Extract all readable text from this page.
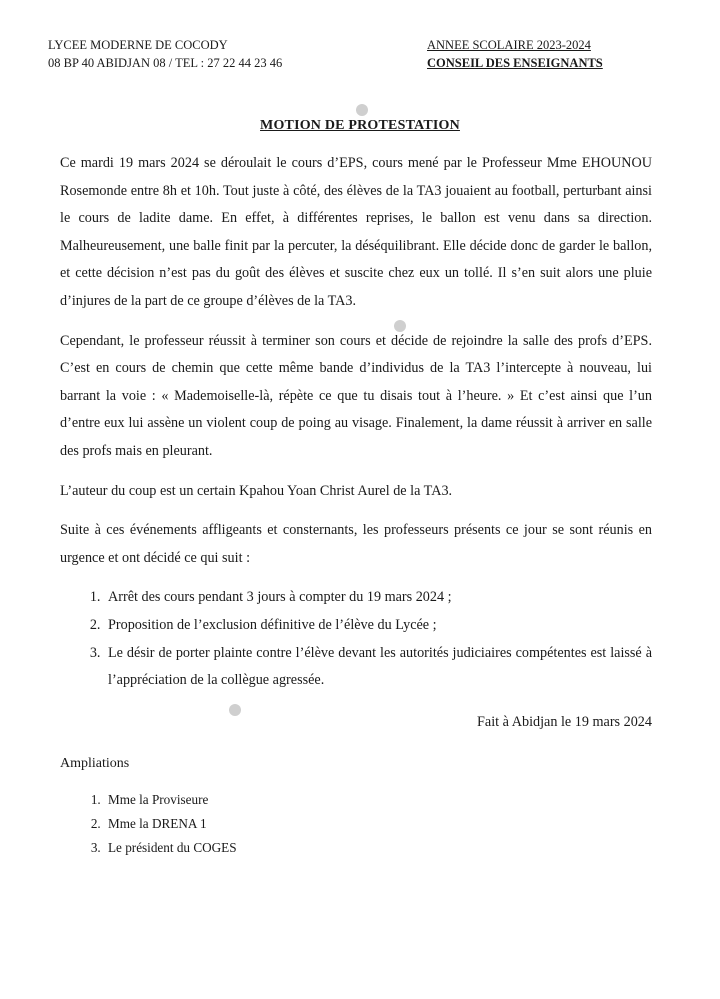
LYCEE MODERNE DE COCODY
08 BP 40 ABIDJAN 08 / TEL : 27 22 44 23 46
ANNEE SCOLAIRE 2023-2024
CONSEIL DES ENSEIGNANTS
MOTION DE PROTESTATION

Ce mardi 19 mars 2024 se déroulait le cours d’EPS, cours mené par le Professeur Mme EHOUNOU Rosemonde entre 8h et 10h. Tout juste à côté, des élèves de la TA3 jouaient au football, perturbant ainsi le cours de ladite dame. En effet, à différentes reprises, le ballon est venu dans sa direction. Malheureusement, une balle finit par la percuter, la déséquilibrant. Elle décide donc de garder le ballon, et cette décision n’est pas du goût des élèves et suscite chez eux un tollé. Il s’en suit alors une pluie d’injures de la part de ce groupe d’élèves de la TA3.

Cependant, le professeur réussit à terminer son cours et décide de rejoindre la salle des profs d’EPS. C’est en cours de chemin que cette même bande d’individus de la TA3 l’intercepte à nouveau, lui barrant la voie : « Mademoiselle-là, répète ce que tu disais tout à l’heure. » Et c’est ainsi que l’un d’entre eux lui assène un violent coup de poing au visage. Finalement, la dame réussit à arriver en salle des profs mais en pleurant.

L’auteur du coup est un certain Kpahou Yoan Christ Aurel de la TA3.

Suite à ces événements affligeants et consternants, les professeurs présents ce jour se sont réunis en urgence et ont décidé ce qui suit :

1. Arrêt des cours pendant 3 jours à compter du 19 mars 2024 ;
2. Proposition de l’exclusion définitive de l’élève du Lycée ;
3. Le désir de porter plainte contre l’élève devant les autorités judiciaires compétentes est laissé à l’appréciation de la collègue agressée.
Fait à Abidjan le 19 mars 2024
Ampliations
1. Mme la Proviseure
2. Mme la DRENA 1
3. Le président du COGES
